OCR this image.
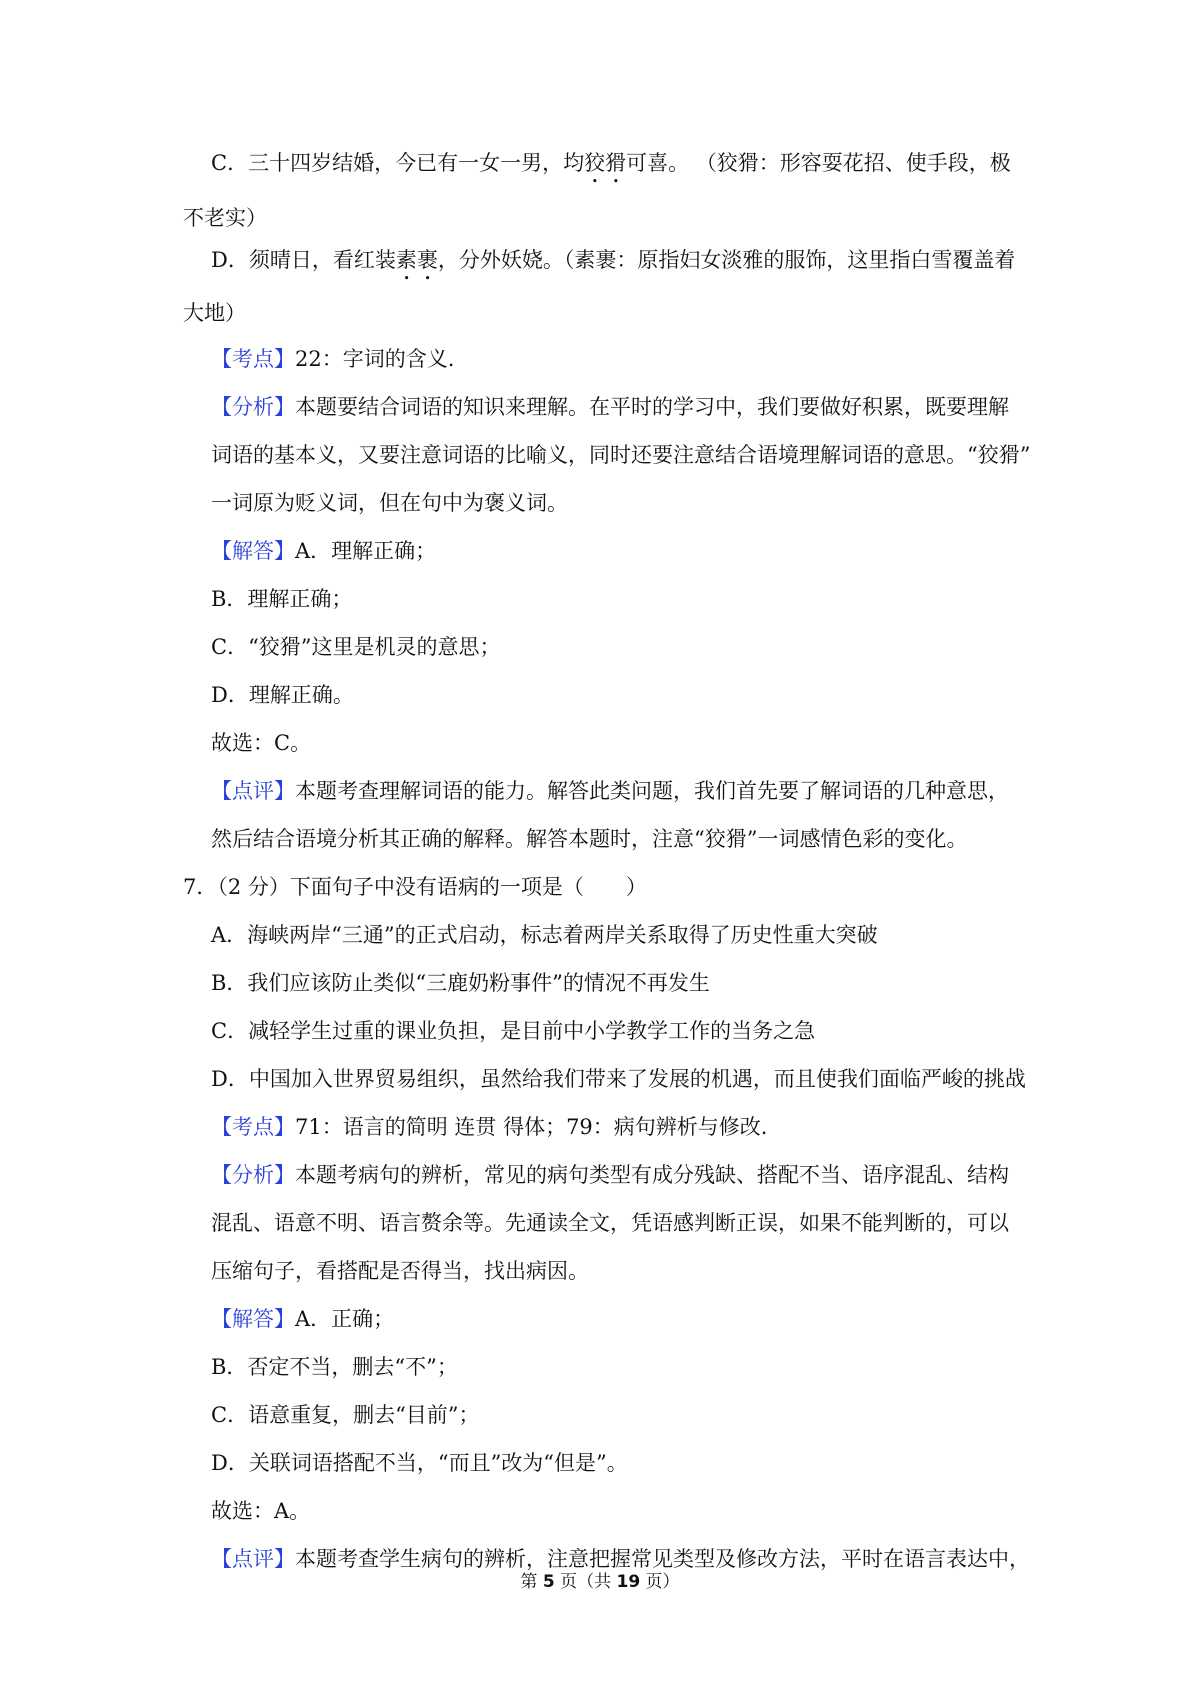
C．三十四岁结婚，今已有一女一男，均狡猾可喜。 （狡猾：形容耍花招、使手段，极
不老实）
D．须晴日，看红装素裹，分外妖娆。（素裹：原指妇女淡雅的服饰，这里指白雪覆盖着
大地）
【考点】22：字词的含义.
【分析】本题要结合词语的知识来理解。在平时的学习中，我们要做好积累，既要理解
词语的基本义，又要注意词语的比喻义，同时还要注意结合语境理解词语的意思。“狡猾”
一词原为贬义词，但在句中为褒义词。
【解答】A．理解正确；
B．理解正确；
C．“狡猾”这里是机灵的意思；
D．理解正确。
故选：C。
【点评】本题考查理解词语的能力。解答此类问题，我们首先要了解词语的几种意思，
然后结合语境分析其正确的解释。解答本题时，注意“狡猾”一词感情色彩的变化。
7．（2 分）下面句子中没有语病的一项是（　　）
A．海峡两岸“三通”的正式启动，标志着两岸关系取得了历史性重大突破
B．我们应该防止类似“三鹿奶粉事件”的情况不再发生
C．减轻学生过重的课业负担，是目前中小学教学工作的当务之急
D．中国加入世界贸易组织，虽然给我们带来了发展的机遇，而且使我们面临严峻的挑战
【考点】71：语言的简明 连贯 得体；79：病句辨析与修改.
【分析】本题考病句的辨析，常见的病句类型有成分残缺、搭配不当、语序混乱、结构
混乱、语意不明、语言赘余等。先通读全文，凭语感判断正误，如果不能判断的，可以
压缩句子，看搭配是否得当，找出病因。
【解答】A．正确；
B．否定不当，删去“不”；
C．语意重复，删去“目前”；
D．关联词语搭配不当，“而且”改为“但是”。
故选：A。
【点评】本题考查学生病句的辨析，注意把握常见类型及修改方法，平时在语言表达中，
第 5 页（共 19 页）
